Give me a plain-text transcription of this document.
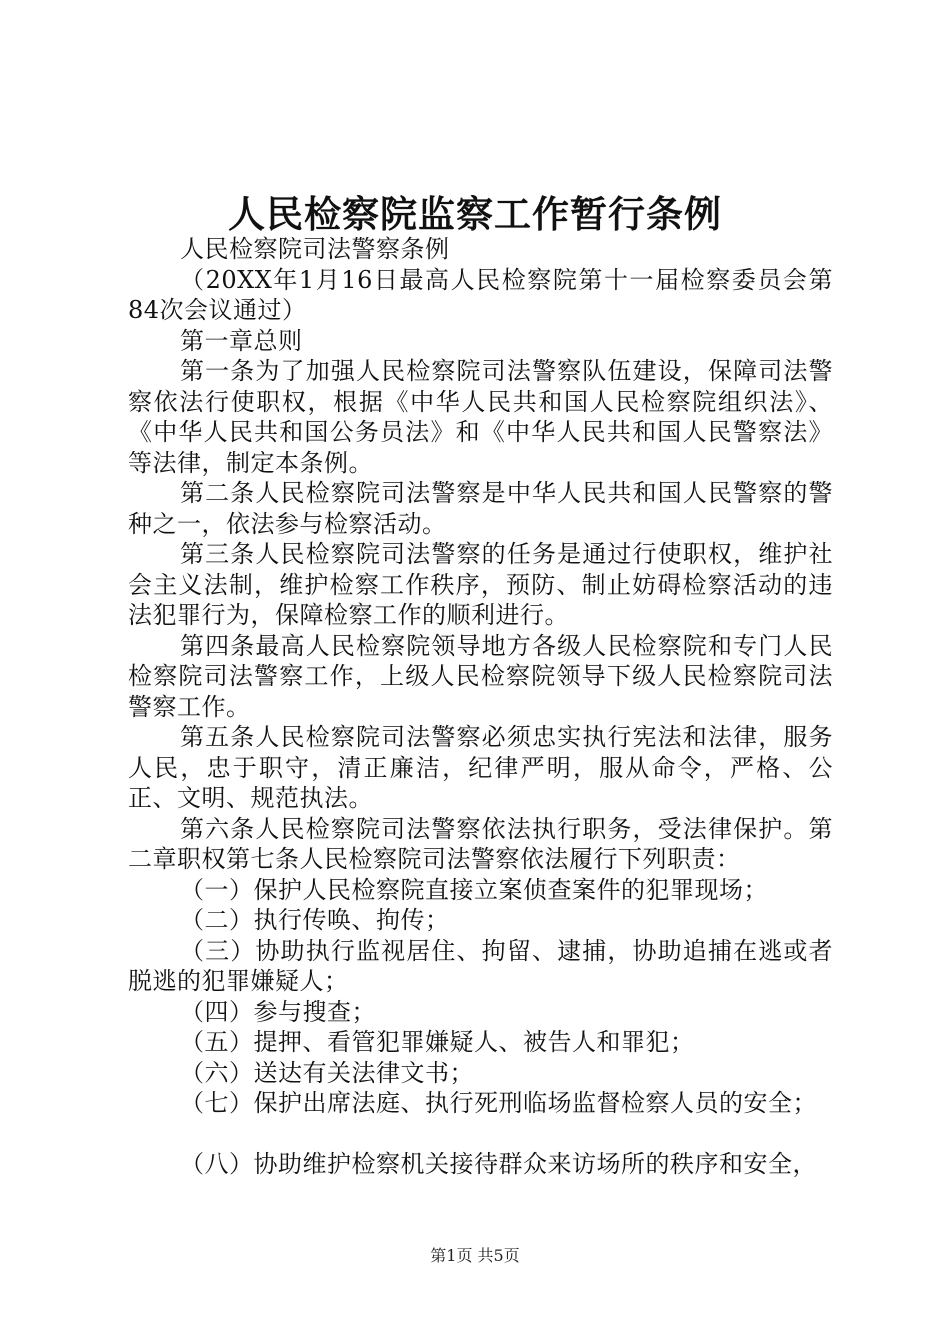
人民检察院监察工作暂行条例

人民检察院司法警察条例

（20XX年1月16日最高人民检察院第十一届检察委员会第84次会议通过）

第一章总则

第一条为了加强人民检察院司法警察队伍建设，保障司法警察依法行使职权，根据《中华人民共和国人民检察院组织法》、《中华人民共和国公务员法》和《中华人民共和国人民警察法》等法律，制定本条例。

第二条人民检察院司法警察是中华人民共和国人民警察的警种之一，依法参与检察活动。

第三条人民检察院司法警察的任务是通过行使职权，维护社会主义法制，维护检察工作秩序，预防、制止妨碍检察活动的违法犯罪行为，保障检察工作的顺利进行。

第四条最高人民检察院领导地方各级人民检察院和专门人民检察院司法警察工作，上级人民检察院领导下级人民检察院司法警察工作。

第五条人民检察院司法警察必须忠实执行宪法和法律，服务人民，忠于职守，清正廉洁，纪律严明，服从命令，严格、公正、文明、规范执法。

第六条人民检察院司法警察依法执行职务，受法律保护。第二章职权第七条人民检察院司法警察依法履行下列职责：

（一）保护人民检察院直接立案侦查案件的犯罪现场；

（二）执行传唤、拘传；

（三）协助执行监视居住、拘留、逮捕，协助追捕在逃或者脱逃的犯罪嫌疑人；

（四）参与搜查；

（五）提押、看管犯罪嫌疑人、被告人和罪犯；

（六）送达有关法律文书；

（七）保护出席法庭、执行死刑临场监督检察人员的安全；

（八）协助维护检察机关接待群众来访场所的秩序和安全，

第1页 共5页
